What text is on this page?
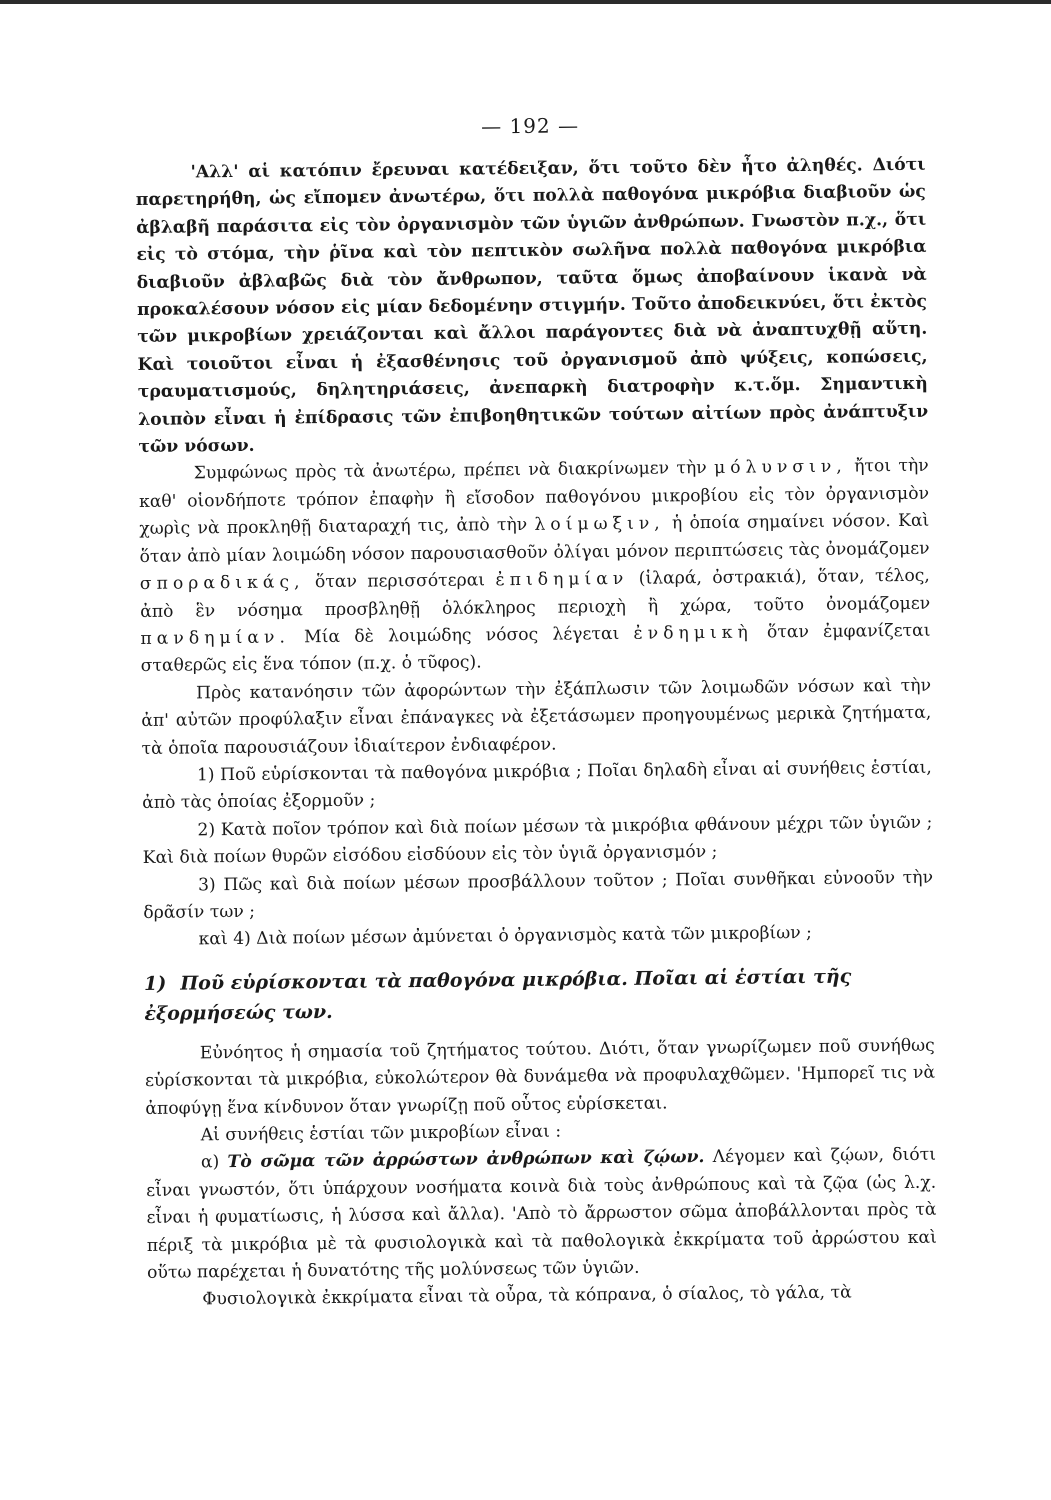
— 192 —

'Αλλ' αἱ κατόπιν ἔρευναι κατέδειξαν, ὅτι τοῦτο δὲν ἦτο ἀληθές. Διότι παρετηρήθη, ὡς εἴπομεν ἀνωτέρω, ὅτι πολλὰ παθογόνα μικρόβια διαβιοῦν ὡς ἀβλαβῆ παράσιτα εἰς τὸν ὀργανισμὸν τῶν ὑγιῶν ἀνθρώπων. Γνωστὸν π.χ., ὅτι εἰς τὸ στόμα, τὴν ῥῖνα καὶ τὸν πεπτικὸν σωλῆνα πολλὰ παθογόνα μικρόβια διαβιοῦν ἀβλαβῶς διὰ τὸν ἄνθρωπον, ταῦτα ὅμως ἀποβαίνουν ἱκανὰ νὰ προκαλέσουν νόσον εἰς μίαν δεδομένην στιγμήν. Τοῦτο ἀποδεικνύει, ὅτι ἐκτὸς τῶν μικροβίων χρειάζονται καὶ ἄλλοι παράγοντες διὰ νὰ ἀναπτυχθῇ αὕτη. Καὶ τοιοῦτοι εἶναι ἡ ἐξασθένησις τοῦ ὀργανισμοῦ ἀπὸ ψύξεις, κοπώσεις, τραυματισμούς, δηλητηριάσεις, ἀνεπαρκὴ διατροφὴν κ.τ.ὅμ. Σημαντικὴ λοιπὸν εἶναι ἡ ἐπίδρασις τῶν ἐπιβοηθητικῶν τούτων αἰτίων πρὸς ἀνάπτυξιν τῶν νόσων.

Συμφώνως πρὸς τὰ ἀνωτέρω, πρέπει νὰ διακρίνωμεν τὴν μόλυνσιν, ἤτοι τὴν καθ' οἱονδήποτε τρόπον ἐπαφὴν ἢ εἴσοδον παθογόνου μικροβίου εἰς τὸν ὀργανισμὸν χωρὶς νὰ προκληθῇ διαταραχή τις, ἀπὸ τὴν λοίμωξιν, ἡ ὁποία σημαίνει νόσον. Καὶ ὅταν ἀπὸ μίαν λοιμώδη νόσον παρουσιασθοῦν ὀλίγαι μόνον περιπτώσεις τὰς ὀνομάζομεν σποραδικάς, ὅταν περισσότεραι ἐπιδημίαν (ἱλαρά, ὀστρακιά), ὅταν, τέλος, ἀπὸ ἓν νόσημα προσβληθῇ ὁλόκληρος περιοχὴ ἢ χώρα, τοῦτο ὀνομάζομεν πανδημίαν. Μία δὲ λοιμώδης νόσος λέγεται ἐνδημικὴ ὅταν ἐμφανίζεται σταθερῶς εἰς ἕνα τόπον (π.χ. ὁ τῦφος).

Πρὸς κατανόησιν τῶν ἀφορώντων τὴν ἐξάπλωσιν τῶν λοιμωδῶν νόσων καὶ τὴν ἀπ' αὐτῶν προφύλαξιν εἶναι ἐπάναγκες νὰ ἐξετάσωμεν προηγουμένως μερικὰ ζητήματα, τὰ ὁποῖα παρουσιάζουν ἰδιαίτερον ἐνδιαφέρον.

1) Ποῦ εὑρίσκονται τὰ παθογόνα μικρόβια ; Ποῖαι δηλαδὴ εἶναι αἱ συνήθεις ἑστίαι, ἀπὸ τὰς ὁποίας ἐξορμοῦν ;

2) Κατὰ ποῖον τρόπον καὶ διὰ ποίων μέσων τὰ μικρόβια φθάνουν μέχρι τῶν ὑγιῶν ; Καὶ διὰ ποίων θυρῶν εἰσόδου εἰσδύουν εἰς τὸν ὑγιᾶ ὀργανισμόν ;

3) Πῶς καὶ διὰ ποίων μέσων προσβάλλουν τοῦτον ; Ποῖαι συνθῆκαι εὐνοοῦν τὴν δρᾶσίν των ;

καὶ 4) Διὰ ποίων μέσων ἀμύνεται ὁ ὀργανισμὸς κατὰ τῶν μικροβίων ;

1) Ποῦ εὑρίσκονται τὰ παθογόνα μικρόβια. Ποῖαι αἱ ἑστίαι τῆς ἐξορμήσεώς των.

Εὐνόητος ἡ σημασία τοῦ ζητήματος τούτου. Διότι, ὅταν γνωρίζωμεν ποῦ συνήθως εὑρίσκονται τὰ μικρόβια, εὐκολώτερον θὰ δυνάμεθα νὰ προφυλαχθῶμεν. 'Ημπορεῖ τις νὰ ἀποφύγῃ ἕνα κίνδυνον ὅταν γνωρίζῃ ποῦ οὗτος εὑρίσκεται.

Αἱ συνήθεις ἑστίαι τῶν μικροβίων εἶναι :

α) Τὸ σῶμα τῶν ἀρρώστων ἀνθρώπων καὶ ζῴων. Λέγομεν καὶ ζῴων, διότι εἶναι γνωστόν, ὅτι ὑπάρχουν νοσήματα κοινὰ διὰ τοὺς ἀνθρώπους καὶ τὰ ζῷα (ὡς λ.χ. εἶναι ἡ φυματίωσις, ἡ λύσσα καὶ ἄλλα). 'Απὸ τὸ ἄρρωστον σῶμα ἀποβάλλονται πρὸς τὰ πέριξ τὰ μικρόβια μὲ τὰ φυσιολογικὰ καὶ τὰ παθολογικὰ ἐκκρίματα τοῦ ἀρρώστου καὶ οὕτω παρέχεται ἡ δυνατότης τῆς μολύνσεως τῶν ὑγιῶν.

Φυσιολογικὰ ἐκκρίματα εἶναι τὰ οὖρα, τὰ κόπρανα, ὁ σίαλος, τὸ γάλα, τὰ
